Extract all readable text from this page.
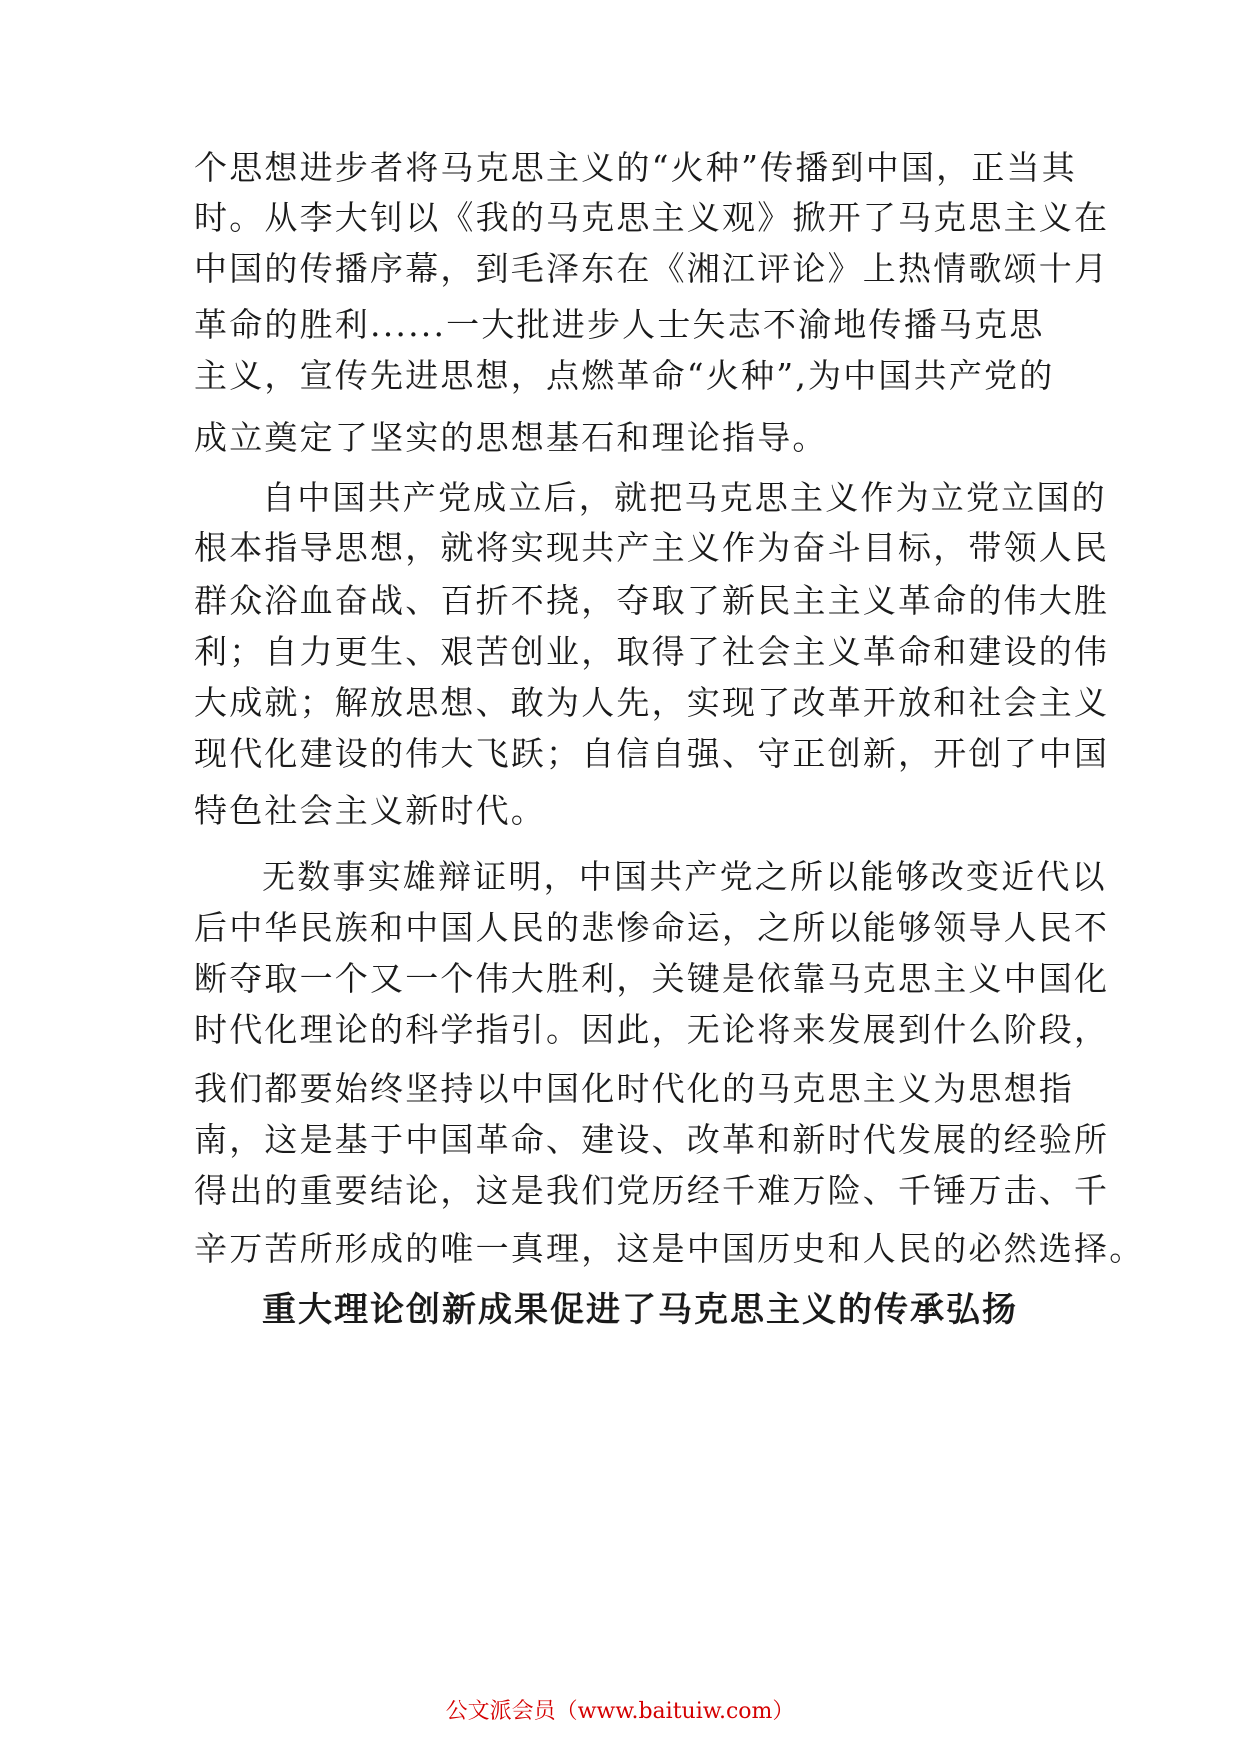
个思想进步者将马克思主义的“火种”传播到中国，正当其
时。从李大钊以《我的马克思主义观》掀开了马克思主义在
中国的传播序幕，到毛泽东在《湘江评论》上热情歌颂十月
革命的胜利......一大批进步人士矢志不渝地传播马克思
主义，宣传先进思想，点燃革命“火种”,为中国共产党的
成立奠定了坚实的思想基石和理论指导。
自中国共产党成立后，就把马克思主义作为立党立国的
根本指导思想，就将实现共产主义作为奋斗目标，带领人民
群众浴血奋战、百折不挠，夺取了新民主主义革命的伟大胜
利；自力更生、艰苦创业，取得了社会主义革命和建设的伟
大成就；解放思想、敢为人先，实现了改革开放和社会主义
现代化建设的伟大飞跃；自信自强、守正创新，开创了中国
特色社会主义新时代。
无数事实雄辩证明，中国共产党之所以能够改变近代以
后中华民族和中国人民的悲惨命运，之所以能够领导人民不
断夺取一个又一个伟大胜利，关键是依靠马克思主义中国化
时代化理论的科学指引。因此，无论将来发展到什么阶段，
我们都要始终坚持以中国化时代化的马克思主义为思想指
南，这是基于中国革命、建设、改革和新时代发展的经验所
得出的重要结论，这是我们党历经千难万险、千锤万击、千
辛万苦所形成的唯一真理，这是中国历史和人民的必然选择。
重大理论创新成果促进了马克思主义的传承弘扬
公文派会员（www.baituiw.com）
